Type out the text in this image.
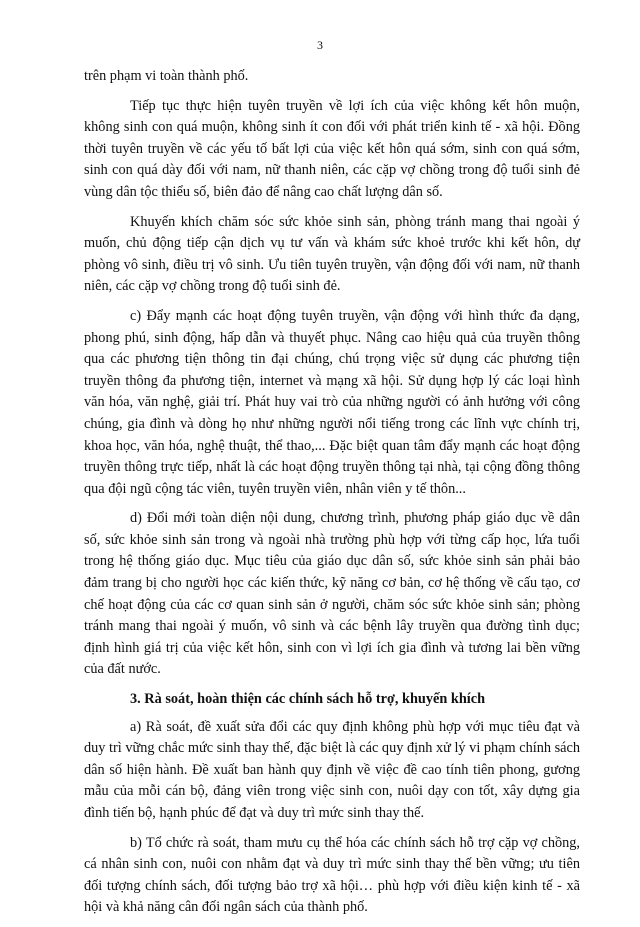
3

trên phạm vi toàn thành phố.

Tiếp tục thực hiện tuyên truyền về lợi ích của việc không kết hôn muộn, không sinh con quá muộn, không sinh ít con đối với phát triển kinh tế - xã hội. Đồng thời tuyên truyền về các yếu tố bất lợi của việc kết hôn quá sớm, sinh con quá sớm, sinh con quá dày đối với nam, nữ thanh niên, các cặp vợ chồng trong độ tuổi sinh đẻ vùng dân tộc thiểu số, biên đảo để nâng cao chất lượng dân số.

Khuyến khích chăm sóc sức khỏe sinh sản, phòng tránh mang thai ngoài ý muốn, chủ động tiếp cận dịch vụ tư vấn và khám sức khoẻ trước khi kết hôn, dự phòng vô sinh, điều trị vô sinh. Ưu tiên tuyên truyền, vận động đối với nam, nữ thanh niên, các cặp vợ chồng trong độ tuổi sinh đẻ.

c) Đẩy mạnh các hoạt động tuyên truyền, vận động với hình thức đa dạng, phong phú, sinh động, hấp dẫn và thuyết phục. Nâng cao hiệu quả của truyền thông qua các phương tiện thông tin đại chúng, chú trọng việc sử dụng các phương tiện truyền thông đa phương tiện, internet và mạng xã hội. Sử dụng hợp lý các loại hình văn hóa, văn nghệ, giải trí. Phát huy vai trò của những người có ảnh hưởng với công chúng, gia đình và dòng họ như những người nổi tiếng trong các lĩnh vực chính trị, khoa học, văn hóa, nghệ thuật, thể thao,... Đặc biệt quan tâm đẩy mạnh các hoạt động truyền thông trực tiếp, nhất là các hoạt động truyền thông tại nhà, tại cộng đồng thông qua đội ngũ cộng tác viên, tuyên truyền viên, nhân viên y tế thôn...

d) Đổi mới toàn diện nội dung, chương trình, phương pháp giáo dục về dân số, sức khỏe sinh sản trong và ngoài nhà trường phù hợp với từng cấp học, lứa tuổi trong hệ thống giáo dục. Mục tiêu của giáo dục dân số, sức khỏe sinh sản phải bảo đảm trang bị cho người học các kiến thức, kỹ năng cơ bản, cơ hệ thống về cấu tạo, cơ chế hoạt động của các cơ quan sinh sản ở người, chăm sóc sức khỏe sinh sản; phòng tránh mang thai ngoài ý muốn, vô sinh và các bệnh lây truyền qua đường tình dục; định hình giá trị của việc kết hôn, sinh con vì lợi ích gia đình và tương lai bền vững của đất nước.

3. Rà soát, hoàn thiện các chính sách hỗ trợ, khuyến khích

a) Rà soát, đề xuất sửa đổi các quy định không phù hợp với mục tiêu đạt và duy trì vững chắc mức sinh thay thế, đặc biệt là các quy định xử lý vi phạm chính sách dân số hiện hành. Đề xuất ban hành quy định về việc đề cao tính tiên phong, gương mẫu của mỗi cán bộ, đảng viên trong việc sinh con, nuôi dạy con tốt, xây dựng gia đình tiến bộ, hạnh phúc để đạt và duy trì mức sinh thay thế.

b) Tổ chức rà soát, tham mưu cụ thể hóa các chính sách hỗ trợ cặp vợ chồng, cá nhân sinh con, nuôi con nhằm đạt và duy trì mức sinh thay thế bền vững; ưu tiên đối tượng chính sách, đối tượng bảo trợ xã hội… phù hợp với điều kiện kinh tế - xã hội và khả năng cân đối ngân sách của thành phố.
